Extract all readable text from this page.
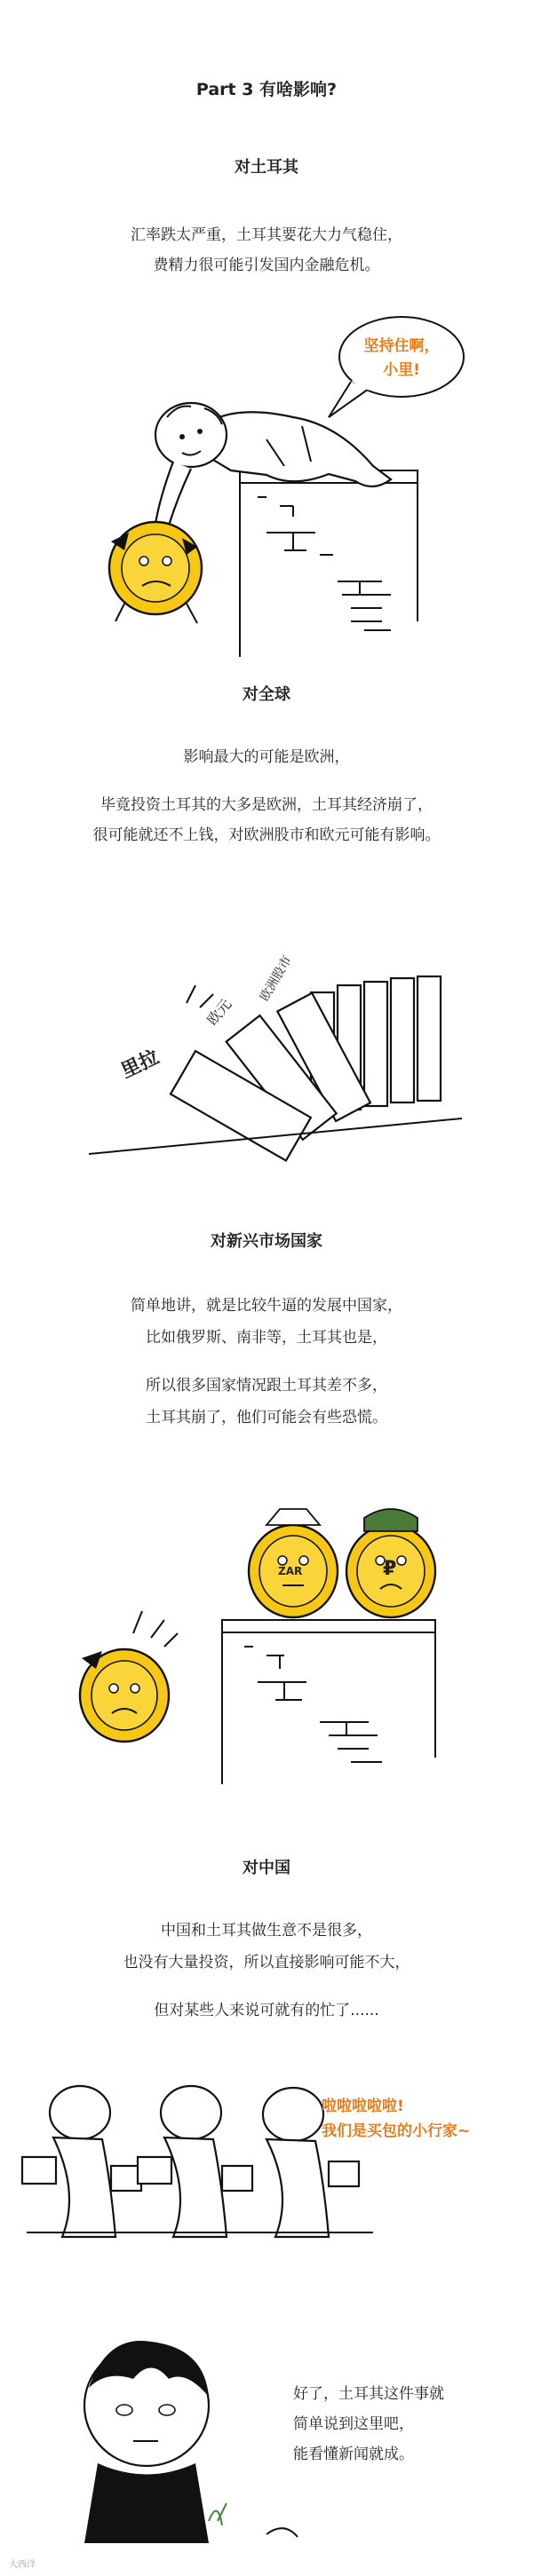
Part 3 有啥影响?
对土耳其
汇率跌太严重，土耳其要花大力气稳住，
费精力很可能引发国内金融危机。
坚持住啊，
小里!
对全球
影响最大的可能是欧洲，
毕竟投资土耳其的大多是欧洲，土耳其经济崩了，
很可能就还不上钱，对欧洲股市和欧元可能有影响。
里拉
欧元
欧洲股市
对新兴市场国家
简单地讲，就是比较牛逼的发展中国家，
比如俄罗斯、南非等，土耳其也是，
所以很多国家情况跟土耳其差不多，
土耳其崩了，他们可能会有些恐慌。
ZAR	₽
对中国
中国和土耳其做生意不是很多，
也没有大量投资，所以直接影响可能不大，
但对某些人来说可就有的忙了......
啦啦啦啦啦!
我们是买包的小行家~
好了，土耳其这件事就
简单说到这里吧，
能看懂新闻就成。
大西洋
